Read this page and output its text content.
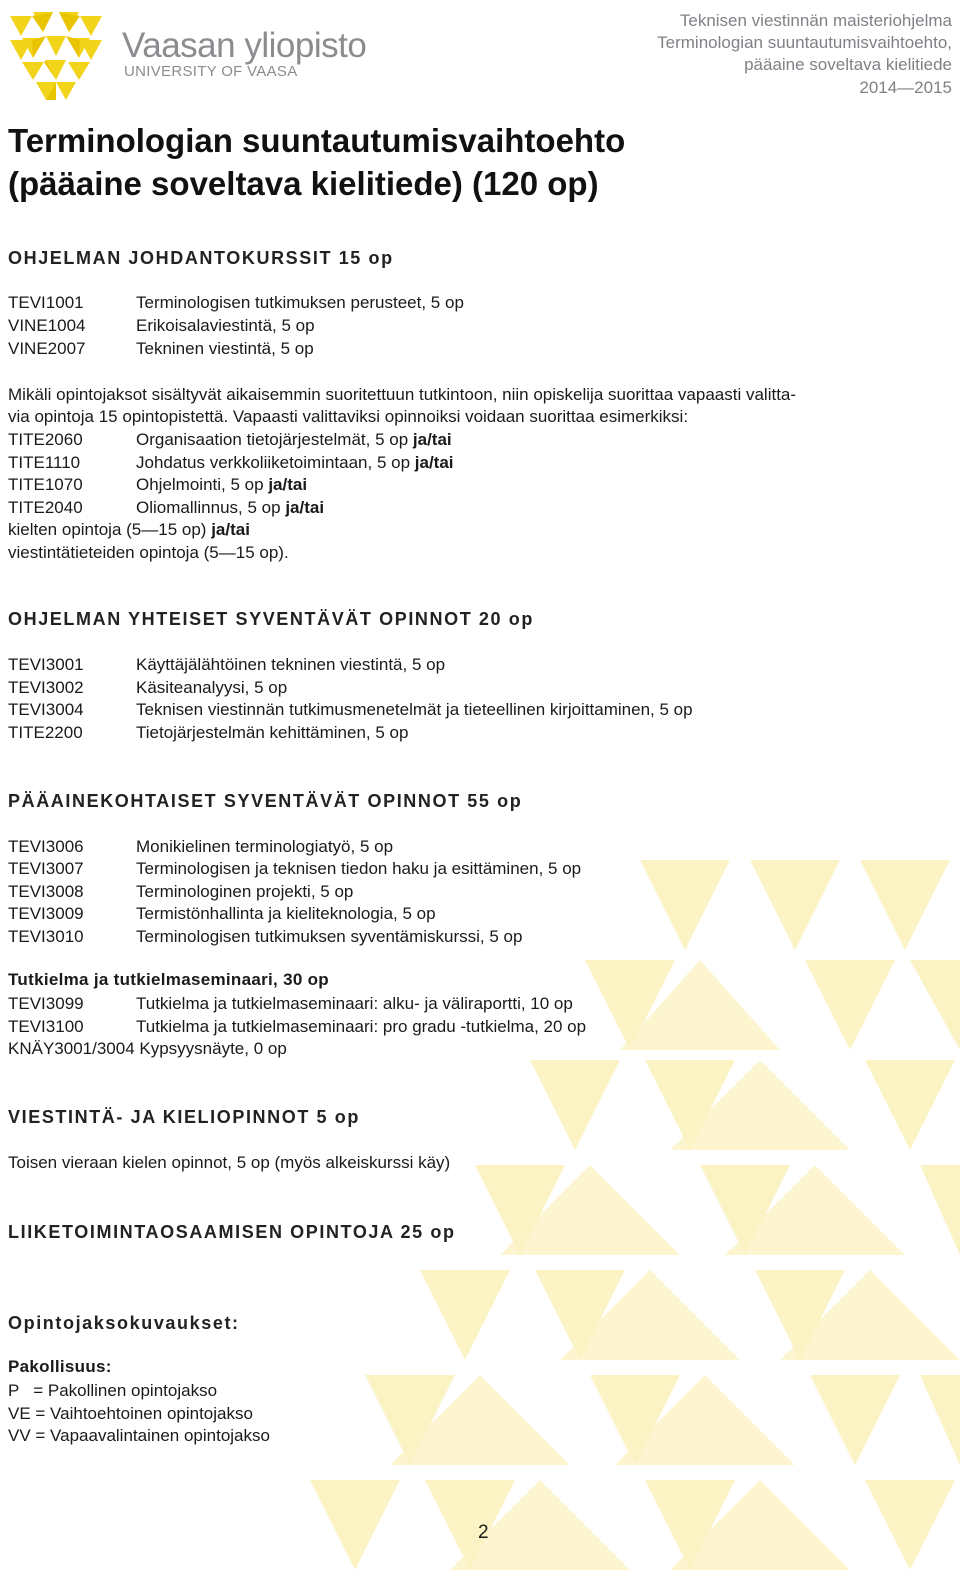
Vaasan yliopisto
UNIVERSITY OF VAASA
Teknisen viestinnän maisteriohjelma
Terminologian suuntautumisvaihtoehto,
pääaine soveltava kielitiede
2014—2015
Terminologian suuntautumisvaihtoehto
(pääaine soveltava kielitiede) (120 op)
OHJELMAN JOHDANTOKURSSIT 15 op
TEVI1001	Terminologisen tutkimuksen perusteet, 5 op
VINE1004	Erikoisalaviestintä, 5 op
VINE2007	Tekninen viestintä, 5 op
Mikäli opintojaksot sisältyvät aikaisemmin suoritettuun tutkintoon, niin opiskelija suorittaa vapaasti valitta-
via opintoja 15 opintopistettä. Vapaasti valittaviksi opinnoiksi voidaan suorittaa esimerkiksi:
TITE2060	Organisaation tietojärjestelmät, 5 op ja/tai
TITE1110	Johdatus verkkoliiketoimintaan, 5 op ja/tai
TITE1070	Ohjelmointi, 5 op ja/tai
TITE2040	Oliomallinnus, 5 op ja/tai
kielten opintoja (5—15 op) ja/tai
viestintätieteiden opintoja (5—15 op).
OHJELMAN YHTEISET SYVENTÄVÄT OPINNOT 20 op
TEVI3001	Käyttäjälähtöinen tekninen viestintä, 5 op
TEVI3002	Käsiteanalyysi, 5 op
TEVI3004	Teknisen viestinnän tutkimusmenetelmät ja tieteellinen kirjoittaminen, 5 op
TITE2200	Tietojärjestelmän kehittäminen, 5 op
PÄÄAINEKOHTAISET SYVENTÄVÄT OPINNOT 55 op
TEVI3006	Monikielinen terminologiatyö, 5 op
TEVI3007	Terminologisen ja teknisen tiedon haku ja esittäminen, 5 op
TEVI3008	Terminologinen projekti, 5 op
TEVI3009	Termistönhallinta ja kieliteknologia, 5 op
TEVI3010	Terminologisen tutkimuksen syventämiskurssi, 5 op
Tutkielma ja tutkielmaseminaari, 30 op
TEVI3099	Tutkielma ja tutkielmaseminaari: alku- ja väliraportti, 10 op
TEVI3100	Tutkielma ja tutkielmaseminaari: pro gradu -tutkielma, 20 op
KNÄY3001/3004 Kypsyysnäyte, 0 op
VIESTINTÄ- JA KIELIOPINNOT 5 op
Toisen vieraan kielen opinnot, 5 op (myös alkeiskurssi käy)
LIIKETOIMINTAOSAAMISEN OPINTOJA 25 op
Opintojaksokuvaukset:
Pakollisuus:
P   = Pakollinen opintojakso
VE = Vaihtoehtoinen opintojakso
VV = Vapaavalintainen opintojakso
2
